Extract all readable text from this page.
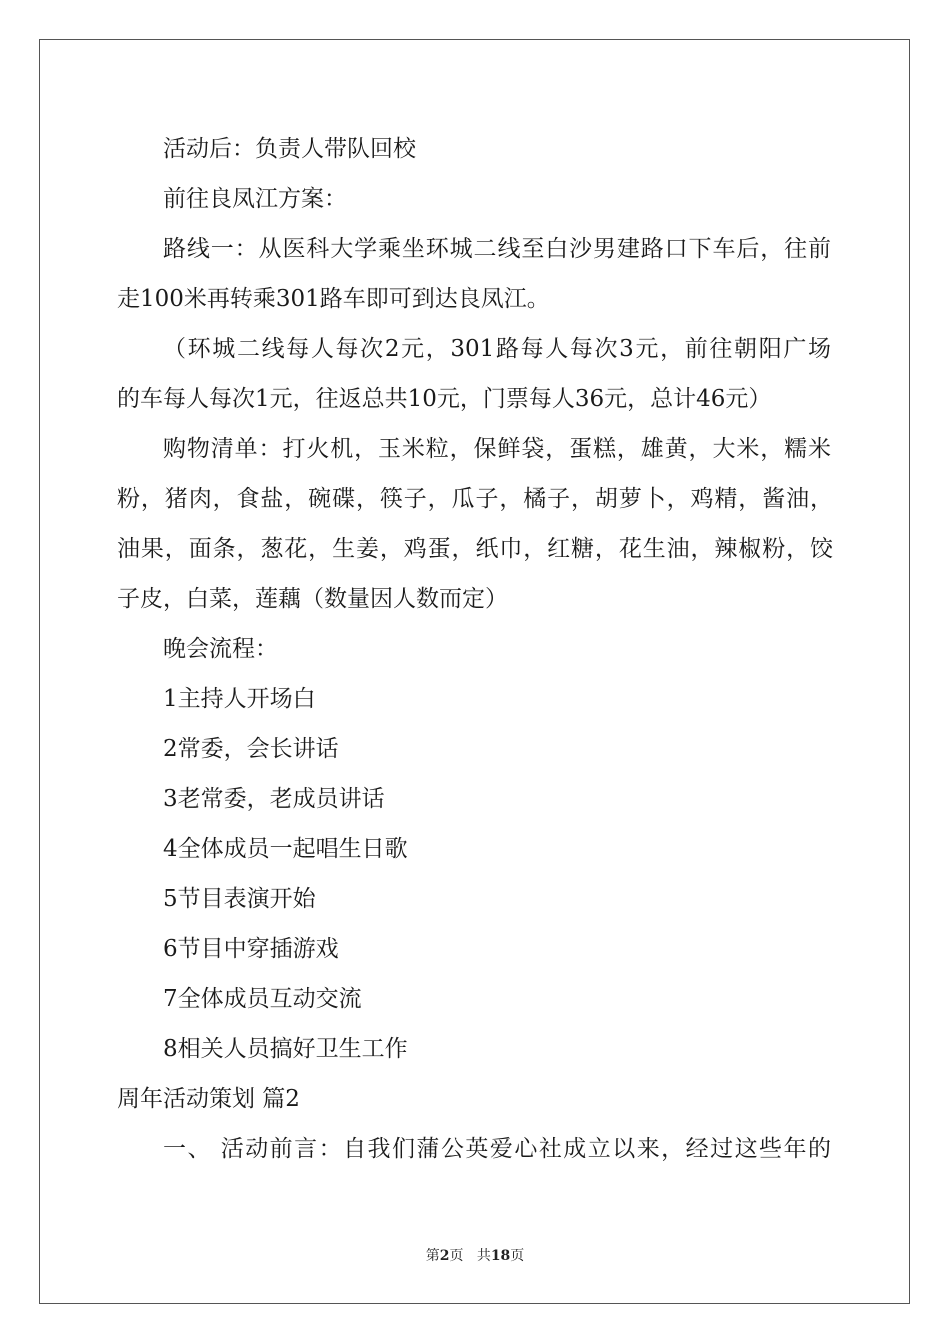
活动后：负责人带队回校
前往良凤江方案：
路线一：从医科大学乘坐环城二线至白沙男建路口下车后，往前
走100米再转乘301路车即可到达良凤江。
（环城二线每人每次2元，301路每人每次3元，前往朝阳广场
的车每人每次1元，往返总共10元，门票每人36元，总计46元）
购物清单：打火机，玉米粒，保鲜袋，蛋糕，雄黄，大米，糯米
粉，猪肉，食盐，碗碟，筷子，瓜子，橘子，胡萝卜，鸡精，酱油，
油果，面条，葱花，生姜，鸡蛋，纸巾，红糖，花生油，辣椒粉，饺
子皮，白菜，莲藕（数量因人数而定）
晚会流程：
1主持人开场白
2常委，会长讲话
3老常委，老成员讲话
4全体成员一起唱生日歌
5节目表演开始
6节目中穿插游戏
7全体成员互动交流
8相关人员搞好卫生工作
周年活动策划 篇2
一、 活动前言：自我们蒲公英爱心社成立以来，经过这些年的
第2页 共18页
